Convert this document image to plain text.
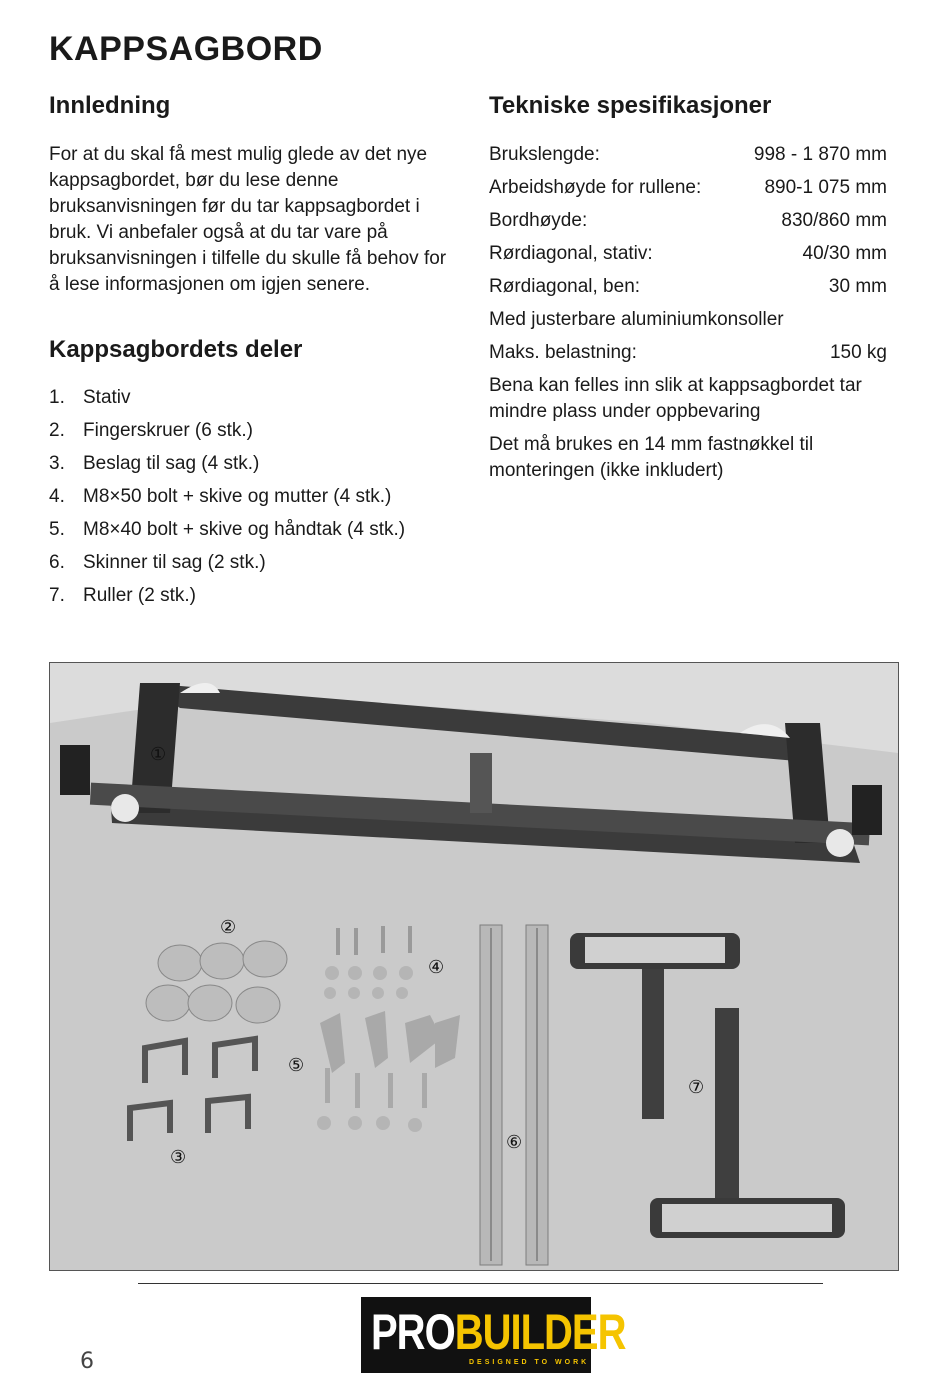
KAPPSAGBORD
Innledning

For at du skal få mest mulig glede av det nye kappsagbordet, bør du lese denne bruksanvisningen før du tar kappsagbordet i bruk. Vi anbefaler også at du tar vare på bruksanvisningen i tilfelle du skulle få behov for å lese informasjonen om igjen senere.

Kappsagbordets deler
1. Stativ
2. Fingerskruer (6 stk.)
3. Beslag til sag (4 stk.)
4. M8×50 bolt + skive og mutter (4 stk.)
5. M8×40 bolt + skive og håndtak (4 stk.)
6. Skinner til sag (2 stk.)
7. Ruller (2 stk.)
Tekniske spesifikasjoner
Brukslengde:	998 - 1 870 mm
Arbeidshøyde for rullene:	890-1 075 mm
Bordhøyde:	830/860 mm
Rørdiagonal, stativ:	40/30 mm
Rørdiagonal, ben:	30 mm
Med justerbare aluminiumkonsoller
Maks. belastning:	150 kg
Bena kan felles inn slik at kappsagbordet tar mindre plass under oppbevaring
Det må brukes en 14 mm fastnøkkel til monteringen (ikke inkludert)
①
②
③
④
⑤
⑥
⑦
PROBUILDER
DESIGNED TO WORK
6
